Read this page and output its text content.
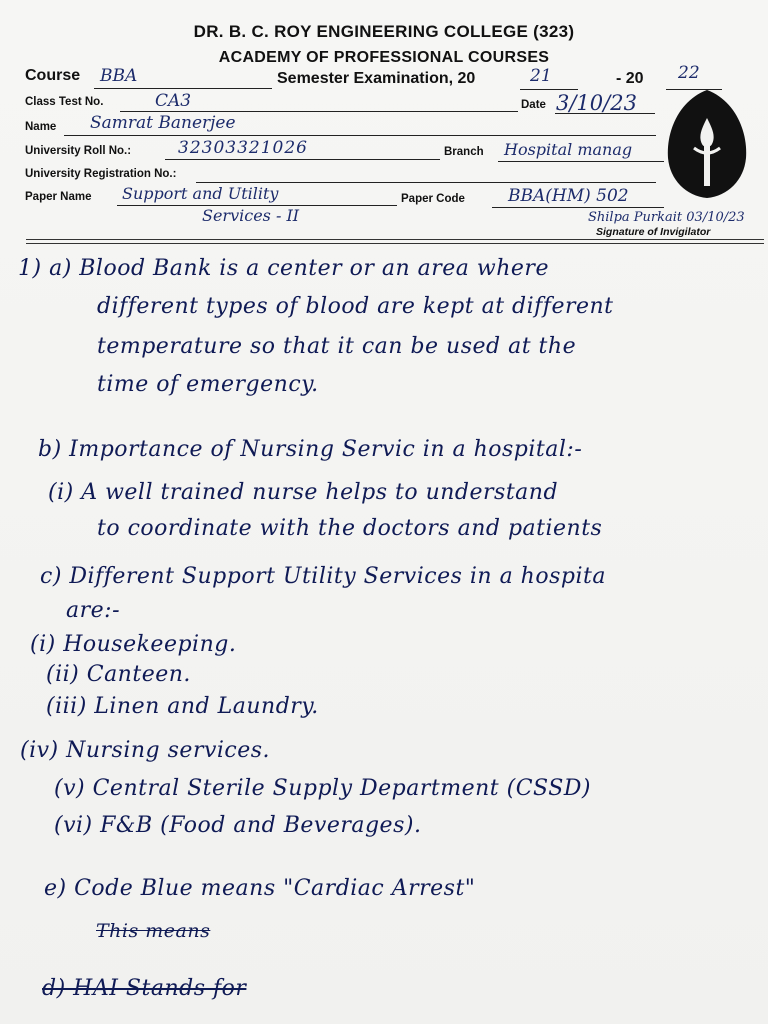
DR. B. C. ROY ENGINEERING COLLEGE (323)
ACADEMY OF PROFESSIONAL COURSES
Course BBA	Semester Examination, 20	21	- 20 22
Class Test No.	CA3	Date 3/10/23
Name Samrat Banerjee
University Roll No.:	32303321026	Branch Hospital manag
University Registration No.:
Paper Name Support and Utility
Services - II
Paper Code	BBA(HM) 502
Shilpa Purkait 03/10/23
Signature of Invigilator
1) a) Blood Bank is a center or an area where
different types of blood are kept at different
temperature so that it can be used at the
time of emergency.
b) Importance of Nursing Servic in a hospital:-
(i) A well trained nurse helps to understand
to coordinate with the doctors and patients
c) Different Support Utility Services in a hospita
are:-
(i) Housekeeping.
(ii) Canteen.
(iii) Linen and Laundry.
(iv) Nursing services.
(v) Central Sterile Supply Department (CSSD)
(vi) F&B (Food and Beverages).
e) Code Blue means "Cardiac Arrest"
This means
d) HAI Stands for
